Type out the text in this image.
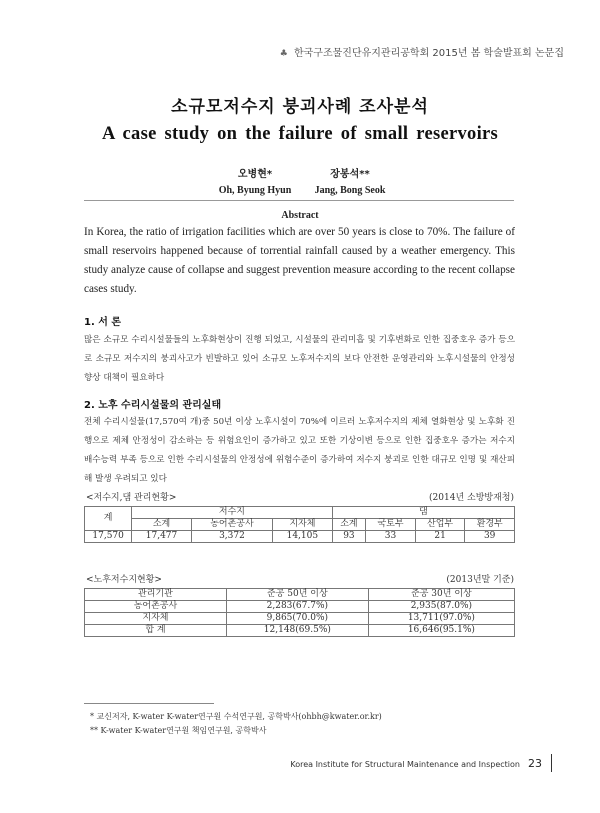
♣ 한국구조물진단유지관리공학회 2015년 봄 학술발표회 논문집
소규모저수지 붕괴사례 조사분석
A case study on the failure of small reservoirs
오병현*
Oh, Byung Hyun
장봉석**
Jang, Bong Seok
Abstract
In Korea, the ratio of irrigation facilities which are over 50 years is close to 70%. The failure of small reservoirs happened because of torrential rainfall caused by a weather emergency. This study analyze cause of collapse and suggest prevention measure according to the recent collapse cases study.
1. 서 론
많은 소규모 수리시설물들의 노후화현상이 진행 되었고, 시설물의 관리미흡 및 기후변화로 인한 집중호우 증가 등으로 소규모 저수지의 붕괴사고가 빈발하고 있어 소규모 노후저수지의 보다 안전한 운영관리와 노후시설물의 안정성 향상 대책이 필요하다
2. 노후 수리시설물의 관리실태
전체 수리시설물(17,570여 개)중 50년 이상 노후시설이 70%에 이르러 노후저수지의 제체 열화현상 및 노후화 진행으로 제체 안정성이 감소하는 등 위험요인이 증가하고 있고 또한 기상이변 등으로 인한 집중호우 증가는 저수지 배수능력 부족 등으로 인한 수리시설물의 안정성에 위험수준이 증가하여 저수지 붕괴로 인한 대규모 인명 및 재산피해 발생 우려되고 있다
<저수지,댐 관리현황>	(2014년 소방방재청)
계	저수지			댐			
	소계	농어촌공사	지자체	소계	국토부	산업부	환경부
17,570	17,477	3,372	14,105	93	33	21	39
<노후저수지현황>	(2013년말 기준)
관리기관	준공 50년 이상	준공 30년 이상
농어촌공사	2,283(67.7%)	2,935(87.0%)
지자체	9,865(70.0%)	13,711(97.0%)
합 계	12,148(69.5%)	16,646(95.1%)
* 교신저자, K-water K-water연구원 수석연구원, 공학박사(ohbh@kwater.or.kr)
** K-water K-water연구원 책임연구원, 공학박사
Korea Institute for Structural Maintenance and Inspection 23
